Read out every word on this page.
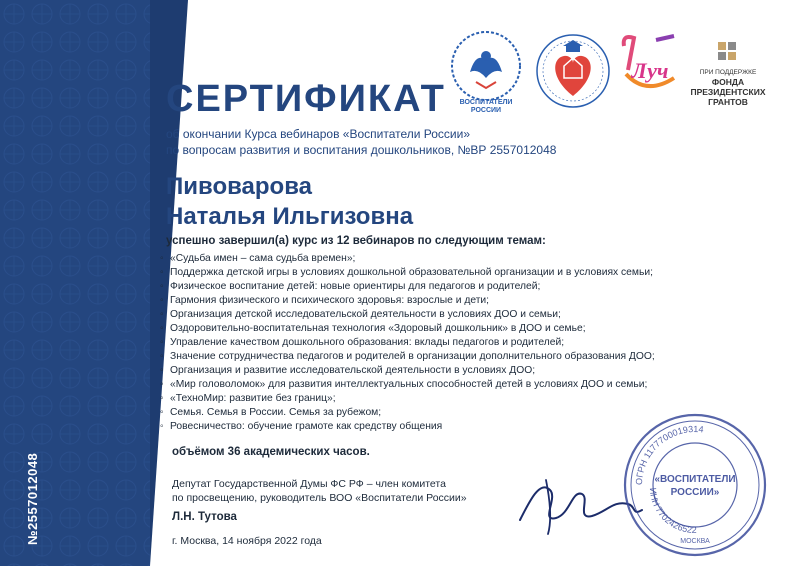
№2557012048
ВОСПИТАТЕЛИ
РОССИИ
Луч	ПРИ ПОДДЕРЖКЕ
ФОНДА
ПРЕЗИДЕНТСКИХ
ГРАНТОВ
СЕРТИФИКАТ
об окончании Курса вебинаров «Воспитатели России»
по вопросам развития и воспитания дошкольников, №ВР 2557012048
Пивоварова
Наталья Ильгизовна
успешно завершил(а) курс из 12 вебинаров по следующим темам:
◦ «Судьба имен – сама судьба времен»;
◦ Поддержка детской игры в условиях дошкольной образовательной организации и в условиях семьи;
◦ Физическое воспитание детей: новые ориентиры для педагогов и родителей;
◦ Гармония физического и психического здоровья: взрослые и дети;
◦ Организация детской исследовательской деятельности в условиях ДОО и семьи;
◦ Оздоровительно-воспитательная технология «Здоровый дошкольник» в ДОО и семье;
◦ Управление качеством дошкольного образования: вклады педагогов и родителей;
◦ Значение сотрудничества педагогов и родителей в организации дополнительного образования ДОО;
◦ Организация и развитие исследовательской деятельности в условиях ДОО;
◦ «Мир головоломок» для развития интеллектуальных способностей детей в условиях ДОО и семьи;
◦ «ТехноМир: развитие без границ»;
◦ Семья. Семья в России. Семья за рубежом;
◦ Ровесничество: обучение грамоте как средству общения
объёмом 36 академических часов.
Депутат Государственной Думы ФС РФ – член комитета
по просвещению, руководитель ВОО «Воспитатели России»
Л.Н. Тутова
г. Москва, 14 ноября 2022 года
ОГРН 1177700019314
ИНН 7702426522
«ВОСПИТАТЕЛИ
РОССИИ»
МОСКВА
